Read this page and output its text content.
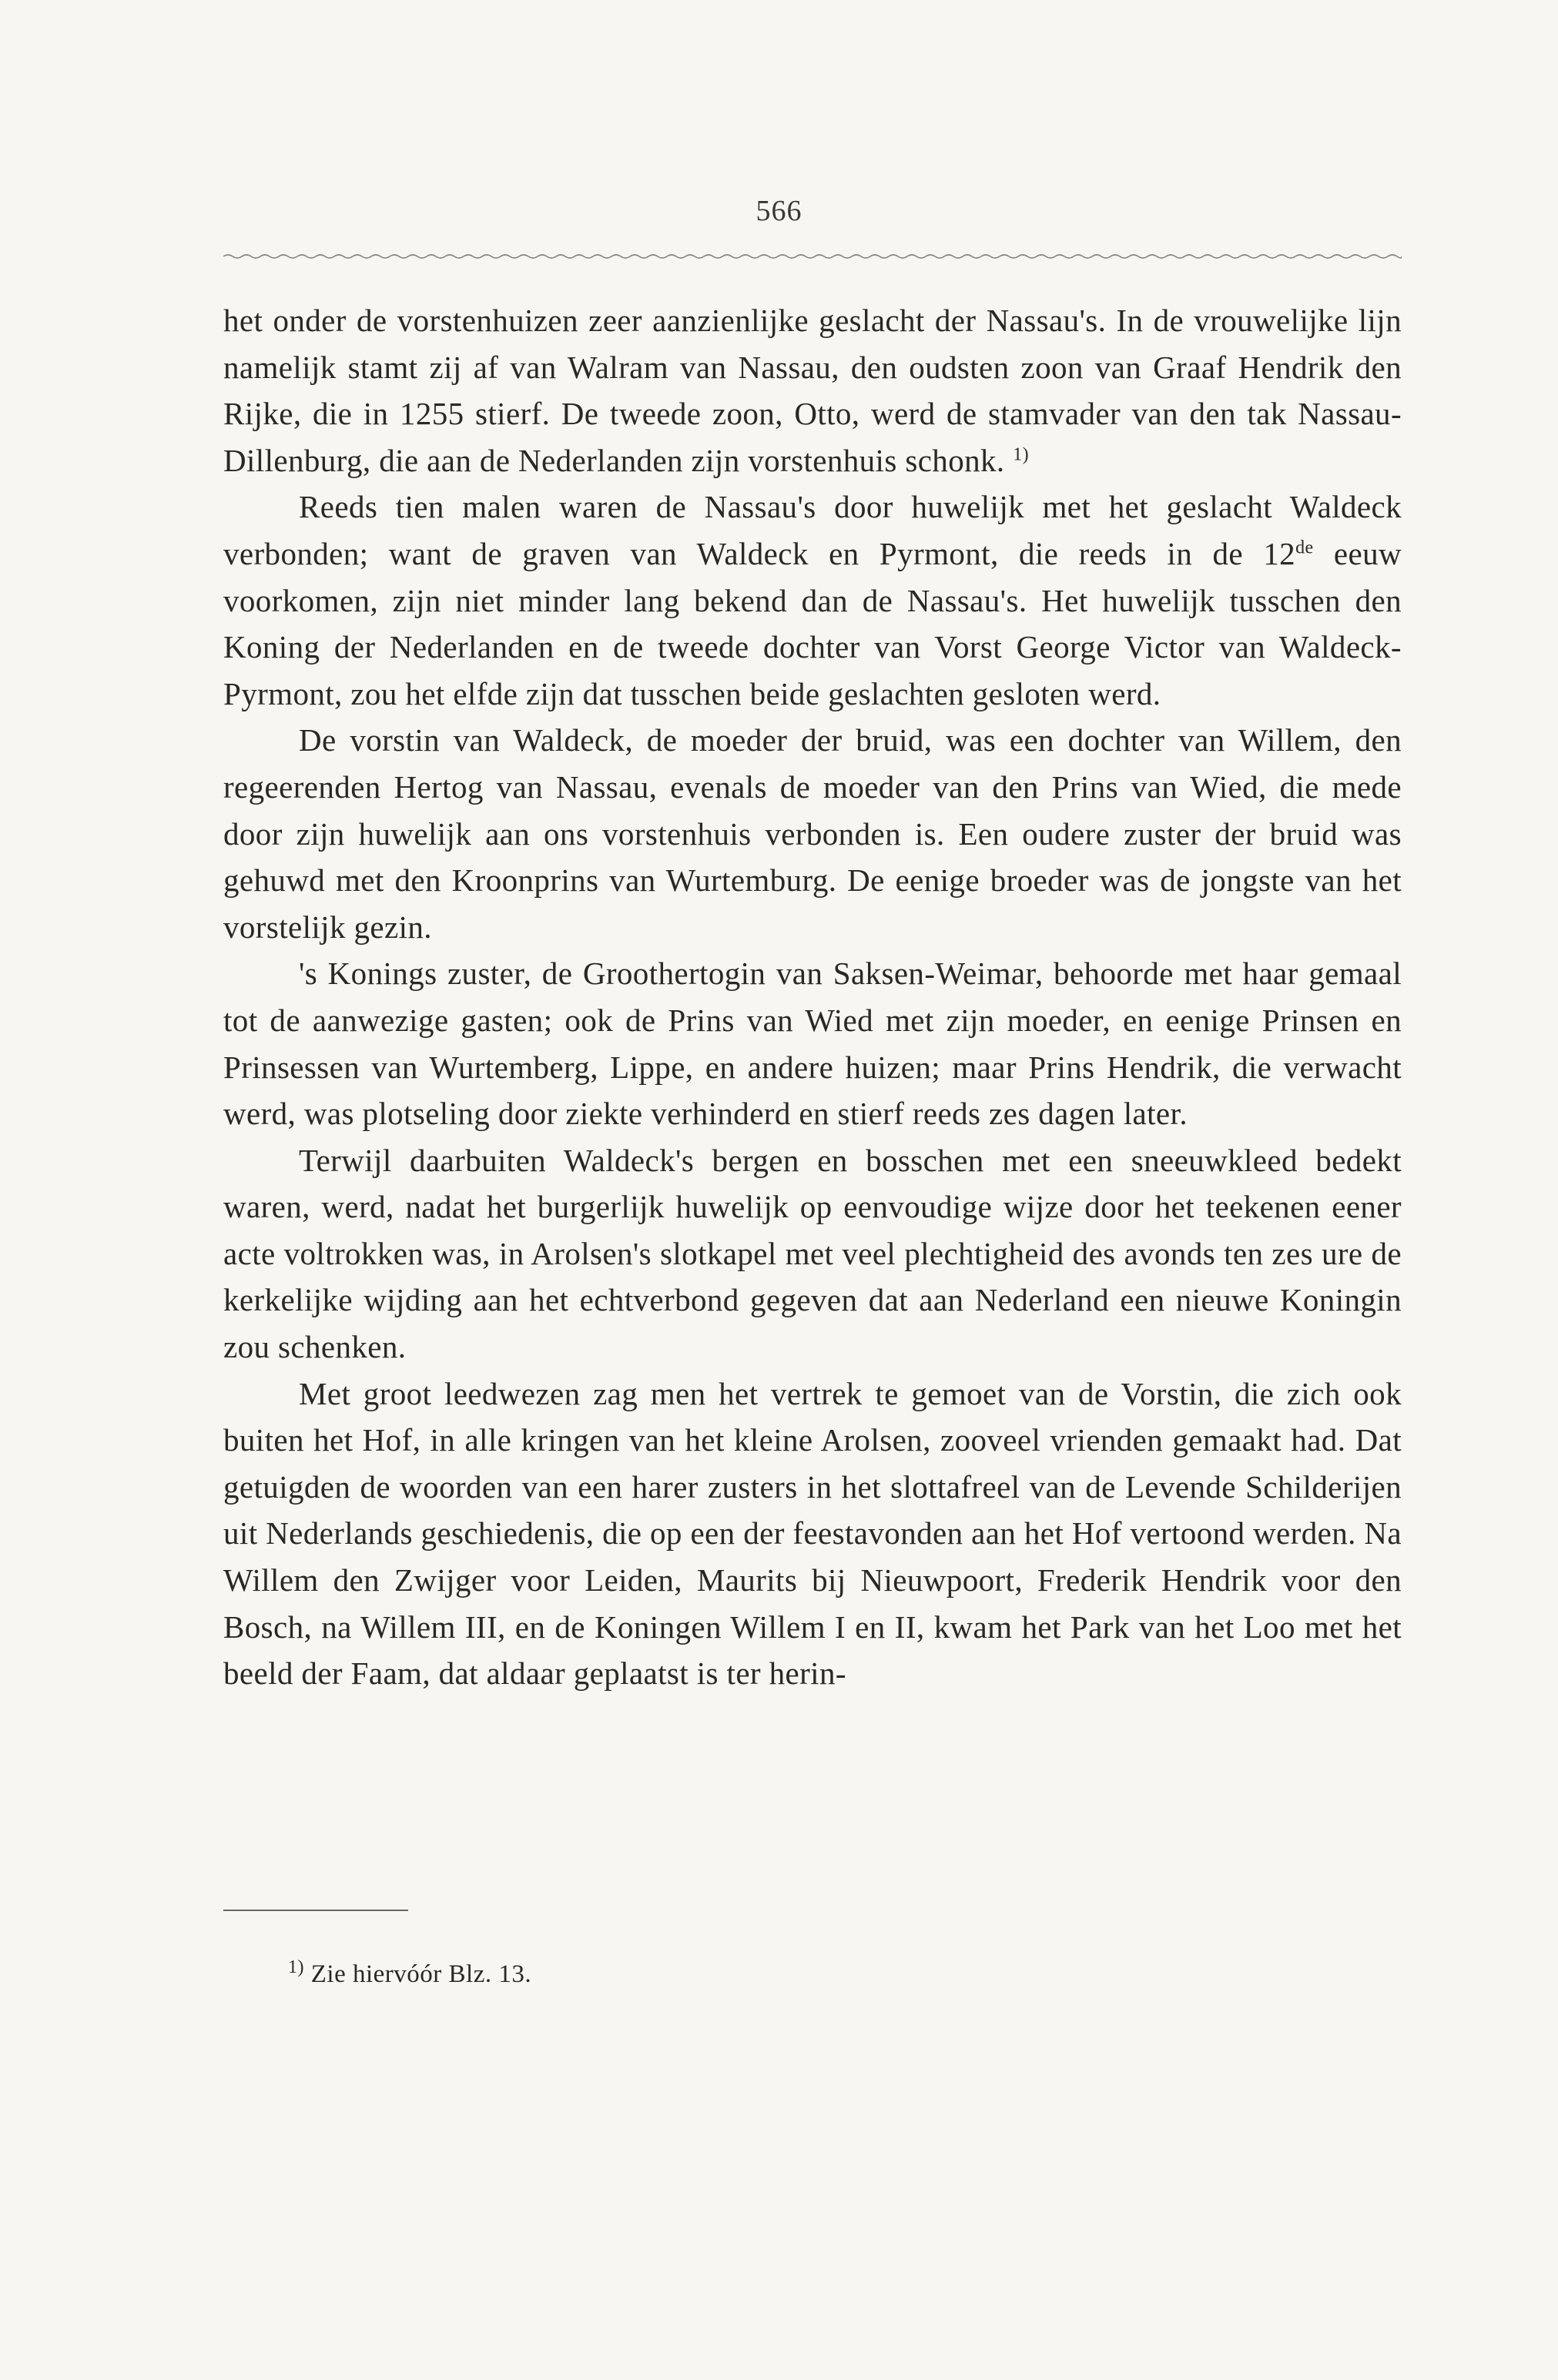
566

het onder de vorstenhuizen zeer aanzienlijke geslacht der Nassau's. In de vrouwelijke lijn namelijk stamt zij af van Walram van Nassau, den oudsten zoon van Graaf Hendrik den Rijke, die in 1255 stierf. De tweede zoon, Otto, werd de stamvader van den tak Nassau-Dillenburg, die aan de Nederlanden zijn vorstenhuis schonk. $^{1)}$

Reeds tien malen waren de Nassau's door huwelijk met het geslacht Waldeck verbonden; want de graven van Waldeck en Pyrmont, die reeds in de 12de eeuw voorkomen, zijn niet minder lang bekend dan de Nassau's. Het huwelijk tusschen den Koning der Nederlanden en de tweede dochter van Vorst George Victor van Waldeck-Pyrmont, zou het elfde zijn dat tusschen beide geslachten gesloten werd.

De vorstin van Waldeck, de moeder der bruid, was een dochter van Willem, den regeerenden Hertog van Nassau, evenals de moeder van den Prins van Wied, die mede door zijn huwelijk aan ons vorstenhuis verbonden is. Een oudere zuster der bruid was gehuwd met den Kroonprins van Wurtemburg. De eenige broeder was de jongste van het vorstelijk gezin.

's Konings zuster, de Groothertogin van Saksen-Weimar, behoorde met haar gemaal tot de aanwezige gasten; ook de Prins van Wied met zijn moeder, en eenige Prinsen en Prinsessen van Wurtemberg, Lippe, en andere huizen; maar Prins Hendrik, die verwacht werd, was plotseling door ziekte verhinderd en stierf reeds zes dagen later.

Terwijl daarbuiten Waldeck's bergen en bosschen met een sneeuwkleed bedekt waren, werd, nadat het burgerlijk huwelijk op eenvoudige wijze door het teekenen eener acte voltrokken was, in Arolsen's slotkapel met veel plechtigheid des avonds ten zes ure de kerkelijke wijding aan het echtverbond gegeven dat aan Nederland een nieuwe Koningin zou schenken.

Met groot leedwezen zag men het vertrek te gemoet van de Vorstin, die zich ook buiten het Hof, in alle kringen van het kleine Arolsen, zooveel vrienden gemaakt had. Dat getuigden de woorden van een harer zusters in het slottafreel van de Levende Schilderijen uit Nederlands geschiedenis, die op een der feestavonden aan het Hof vertoond werden. Na Willem den Zwijger voor Leiden, Maurits bij Nieuwpoort, Frederik Hendrik voor den Bosch, na Willem III, en de Koningen Willem I en II, kwam het Park van het Loo met het beeld der Faam, dat aldaar geplaatst is ter herin-

$^{1)}$ Zie hiervóór Blz. 13.
